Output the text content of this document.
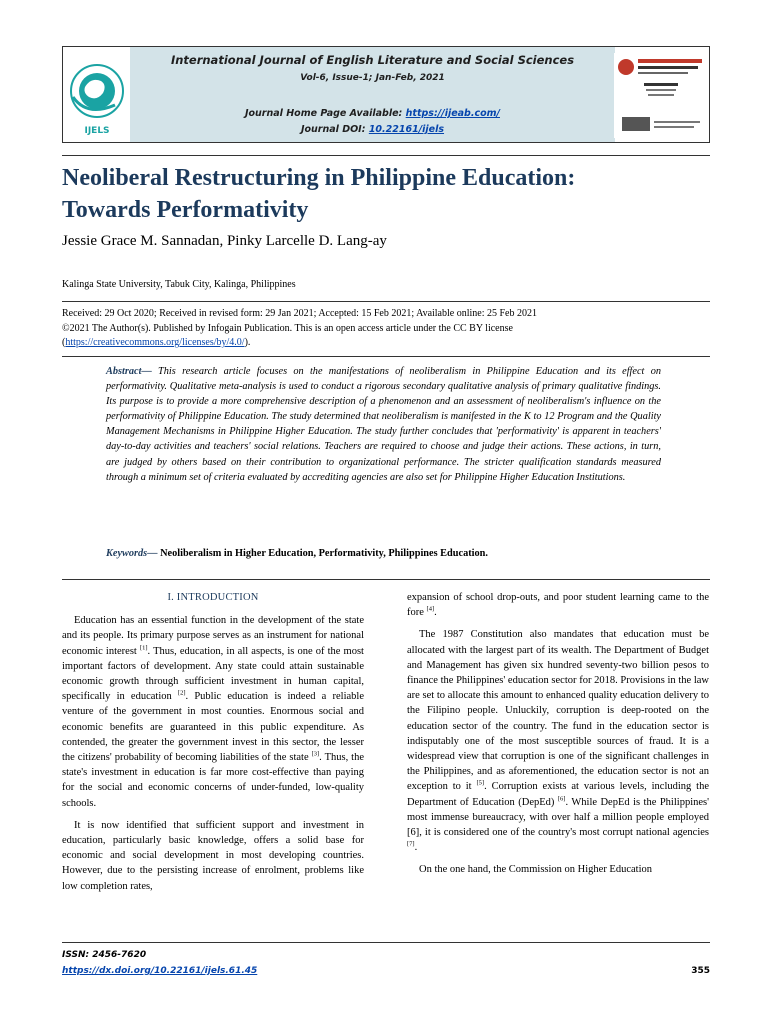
IJELS
International Journal of English Literature and Social Sciences
Vol-6, Issue-1; Jan-Feb, 2021
Journal Home Page Available: https://ijeab.com/
Journal DOI: 10.22161/ijels
Neoliberal Restructuring in Philippine Education:
Towards Performativity
Jessie Grace M. Sannadan, Pinky Larcelle D. Lang-ay
Kalinga State University, Tabuk City, Kalinga, Philippines
Received: 29 Oct 2020; Received in revised form: 29 Jan 2021; Accepted: 15 Feb 2021; Available online: 25 Feb 2021
©2021 The Author(s). Published by Infogain Publication. This is an open access article under the CC BY license
(https://creativecommons.org/licenses/by/4.0/).
Abstract— This research article focuses on the manifestations of neoliberalism in Philippine Education and its effect on performativity. Qualitative meta-analysis is used to conduct a rigorous secondary qualitative analysis of primary qualitative findings. Its purpose is to provide a more comprehensive description of a phenomenon and an assessment of neoliberalism's influence on the performativity of Philippine Education. The study determined that neoliberalism is manifested in the K to 12 Program and the Quality Management Mechanisms in Philippine Higher Education. The study further concludes that 'performativity' is apparent in teachers' day-to-day activities and teachers' social relations. Teachers are required to choose and judge their actions. These actions, in turn, are judged by others based on their contribution to organizational performance. The stricter qualification standards measured through a minimum set of criteria evaluated by accrediting agencies are also set for Philippine Higher Education Institutions.
Keywords— Neoliberalism in Higher Education, Performativity, Philippines Education.
I. INTRODUCTION

Education has an essential function in the development of the state and its people. Its primary purpose serves as an instrument for national economic interest [1]. Thus, education, in all aspects, is one of the most important factors of development. Any state could attain sustainable economic growth through sufficient investment in human capital, specifically in education [2]. Public education is indeed a reliable venture of the government in most counties. Enormous social and economic benefits are guaranteed in this public expenditure. As contended, the greater the government invest in this sector, the lesser the citizens' probability of becoming liabilities of the state [3]. Thus, the state's investment in education is far more cost-effective than paying for the social and economic concerns of under-funded, low-quality schools.

It is now identified that sufficient support and investment in education, particularly basic knowledge, offers a solid base for economic and social development in most developing countries. However, due to the persisting increase of enrolment, problems like low completion rates,

expansion of school drop-outs, and poor student learning came to the fore [4].

The 1987 Constitution also mandates that education must be allocated with the largest part of its wealth. The Department of Budget and Management has given six hundred seventy-two billion pesos to finance the Philippines' education sector for 2018. Provisions in the law are set to allocate this amount to enhanced quality education delivery to the Filipino people. Unluckily, corruption is deep-rooted on the education sector of the country. The fund in the education sector is indisputably one of the most susceptible sources of fraud. It is a widespread view that corruption is one of the significant challenges in the Philippines, and as aforementioned, the education sector is not an exception to it [5]. Corruption exists at various levels, including the Department of Education (DepEd) [6]. While DepEd is the Philippines' most immense bureaucracy, with over half a million people employed [6], it is considered one of the country's most corrupt national agencies [7].

On the one hand, the Commission on Higher Education

ISSN: 2456-7620
https://dx.doi.org/10.22161/ijels.61.45	355
